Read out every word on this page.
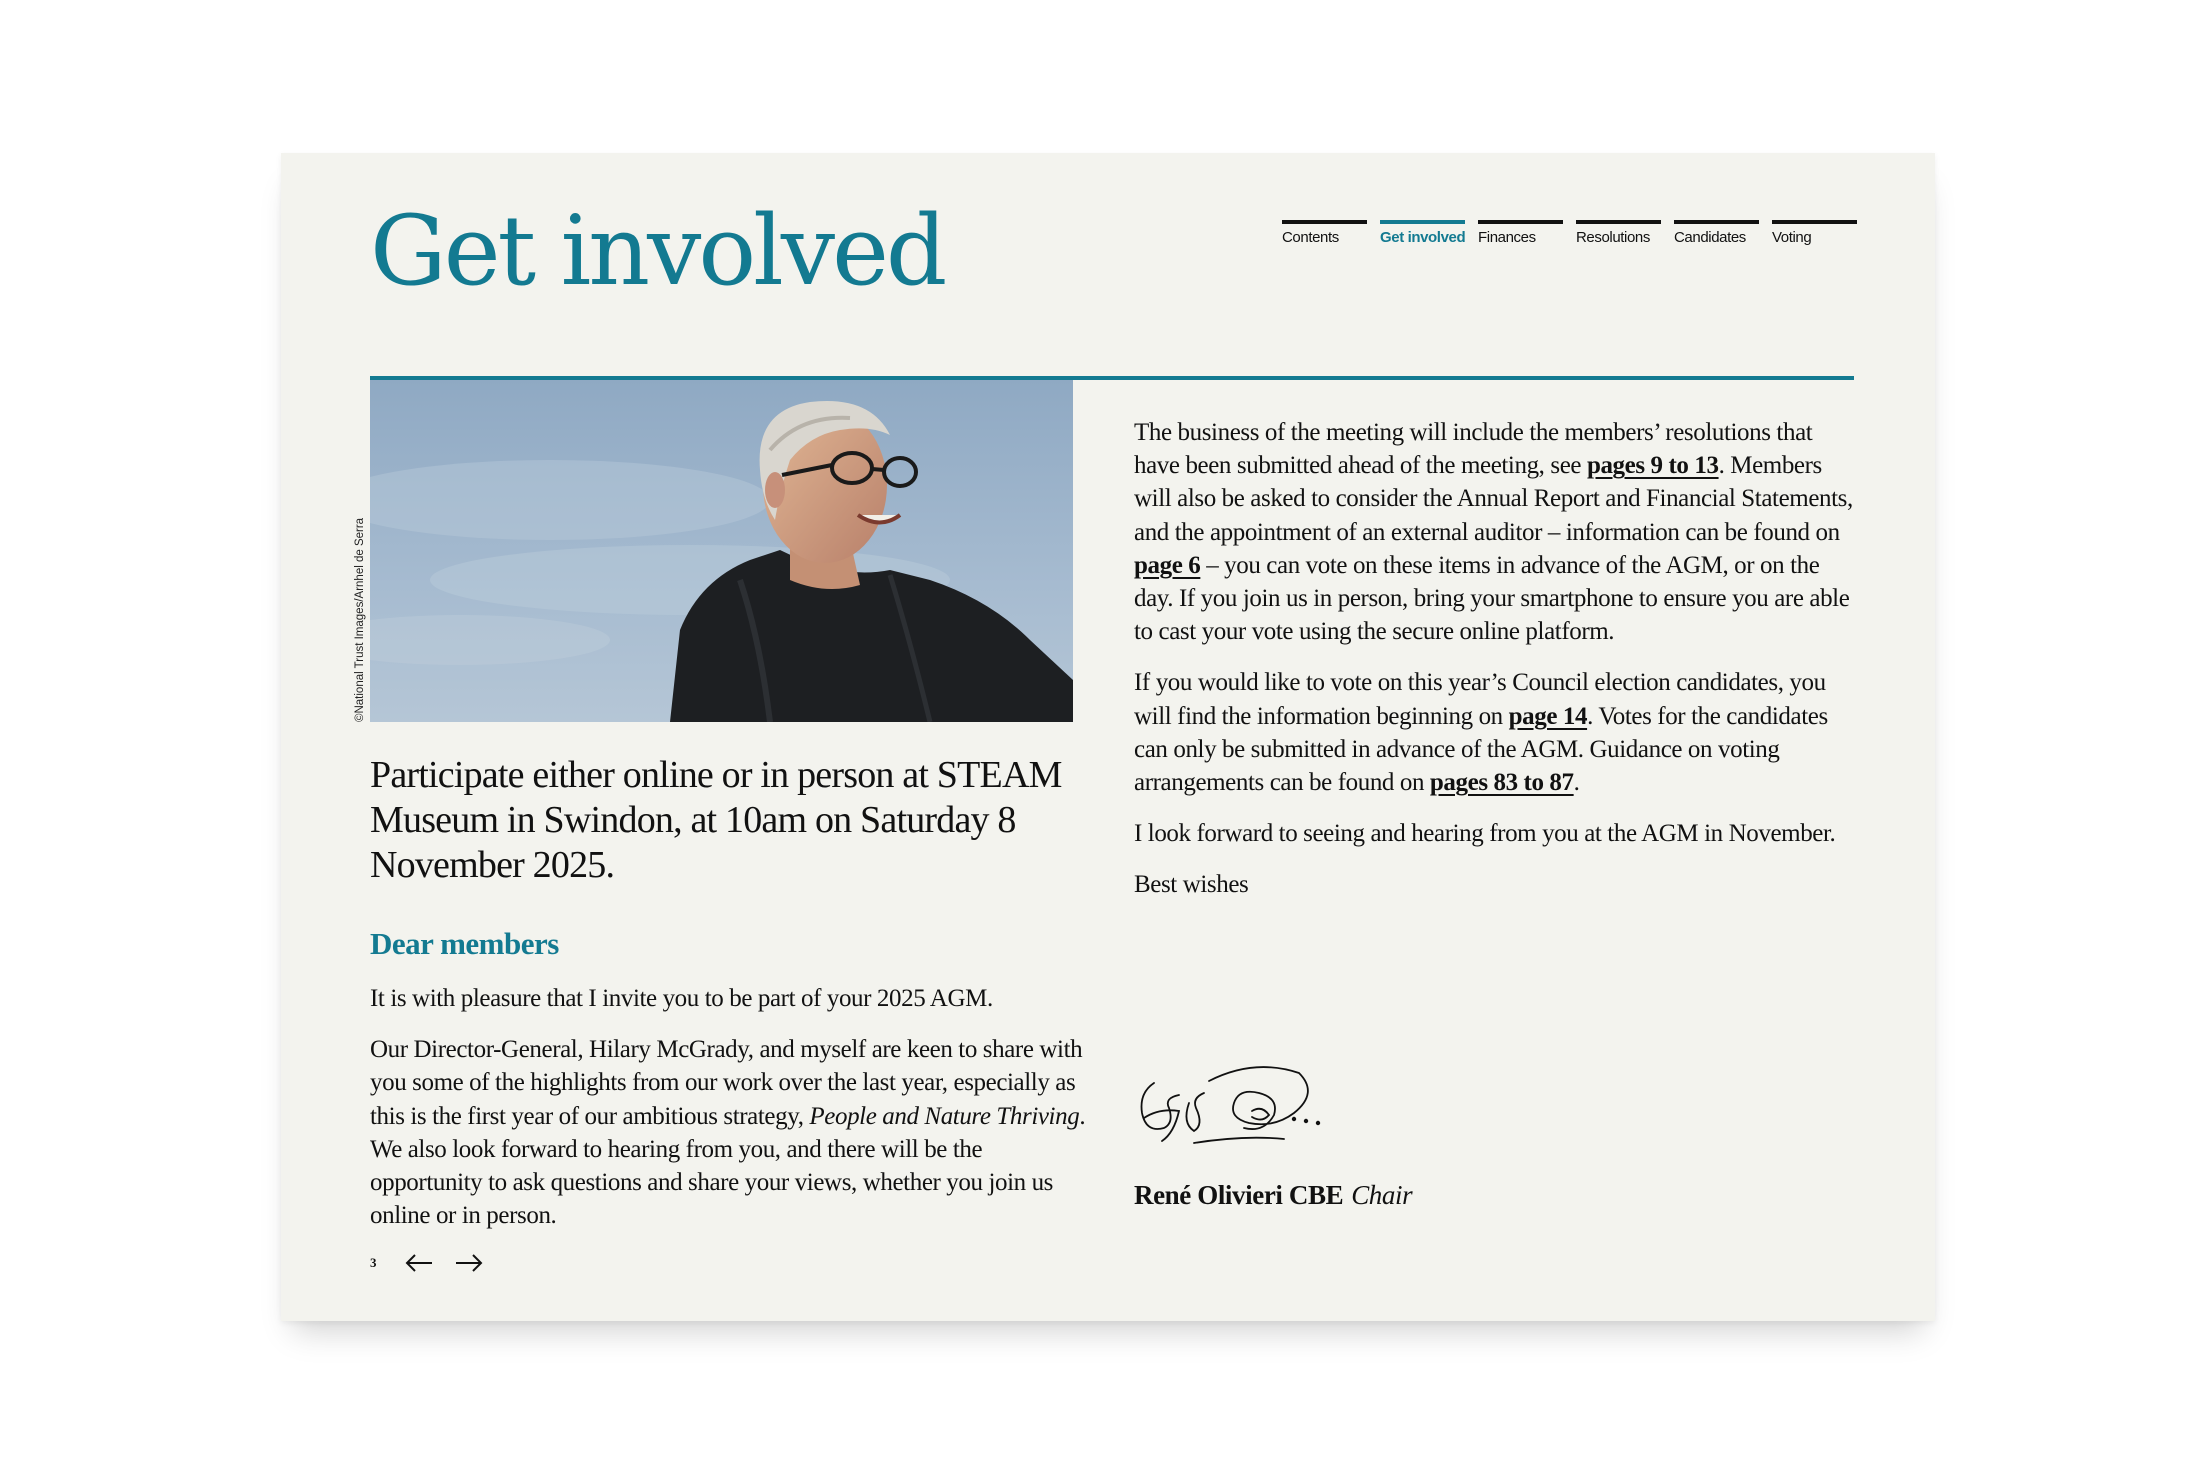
Get involved	Contents	Get involved Finances	Resolutions	Candidates	Voting
©National Trust Images/Arnhel de Serra
Participate either online or in person at STEAM Museum in Swindon, at 10am on Saturday 8 November 2025.
Dear members

It is with pleasure that I invite you to be part of your 2025 AGM.

Our Director-General, Hilary McGrady, and myself are keen to share with you some of the highlights from our work over the last year, especially as this is the first year of our ambitious strategy, People and Nature Thriving. We also look forward to hearing from you, and there will be the opportunity to ask questions and share your views, whether you join us online or in person.

The business of the meeting will include the members’ resolutions that have been submitted ahead of the meeting, see pages 9 to 13. Members will also be asked to consider the Annual Report and Financial Statements, and the appointment of an external auditor – information can be found on page 6 – you can vote on these items in advance of the AGM, or on the day. If you join us in person, bring your smartphone to ensure you are able to cast your vote using the secure online platform.

If you would like to vote on this year’s Council election candidates, you will find the information beginning on page 14. Votes for the candidates can only be submitted in advance of the AGM. Guidance on voting arrangements can be found on pages 83 to 87.

I look forward to seeing and hearing from you at the AGM in November.

Best wishes

René Olivieri CBE Chair
3
